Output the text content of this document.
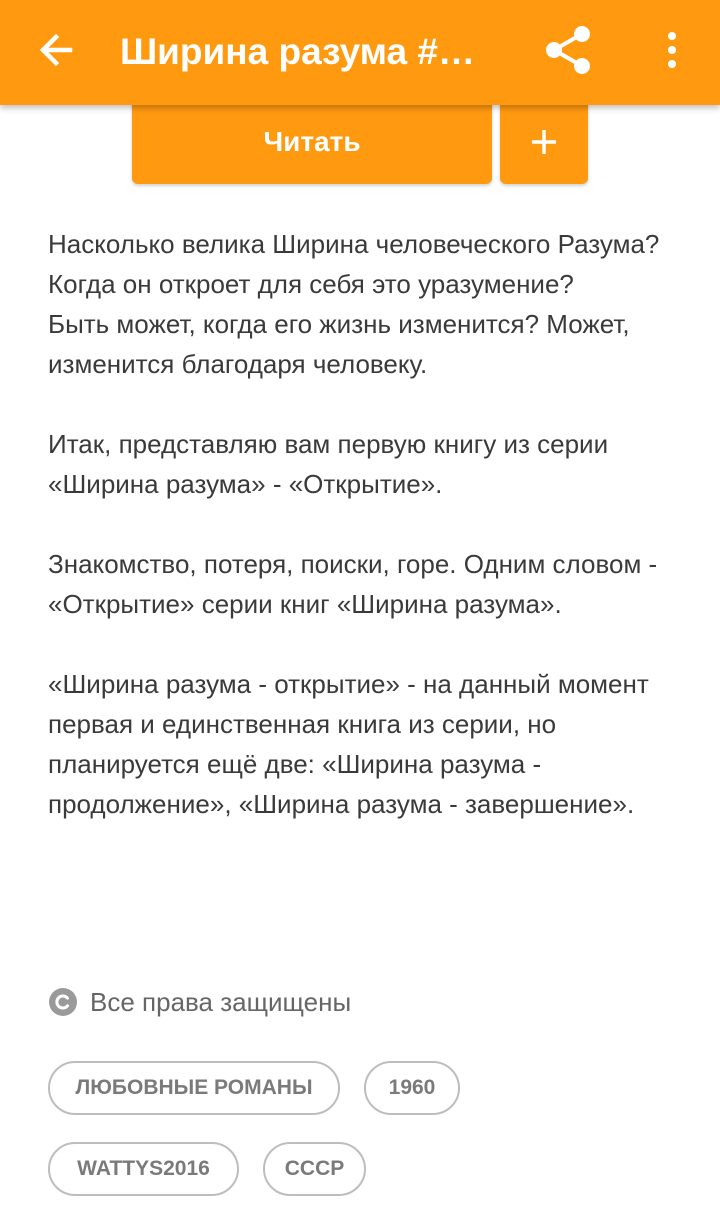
Ширина разума #…
Читать

Насколько велика Ширина человеческого Разума? Когда он откроет для себя это уразумение?
Быть может, когда его жизнь изменится? Может, изменится благодаря человеку.

Итак, представляю вам первую книгу из серии «Ширина разума» - «Открытие».

Знакомство, потеря, поиски, горе. Одним словом - «Открытие» серии книг «Ширина разума».

«Ширина разума - открытие» - на данный момент первая и единственная книга из серии, но планируется ещё две: «Ширина разума - продолжение», «Ширина разума - завершение».

Все права защищены
ЛЮБОВНЫЕ РОМАНЫ	1960
WATTYS2016	СССР
